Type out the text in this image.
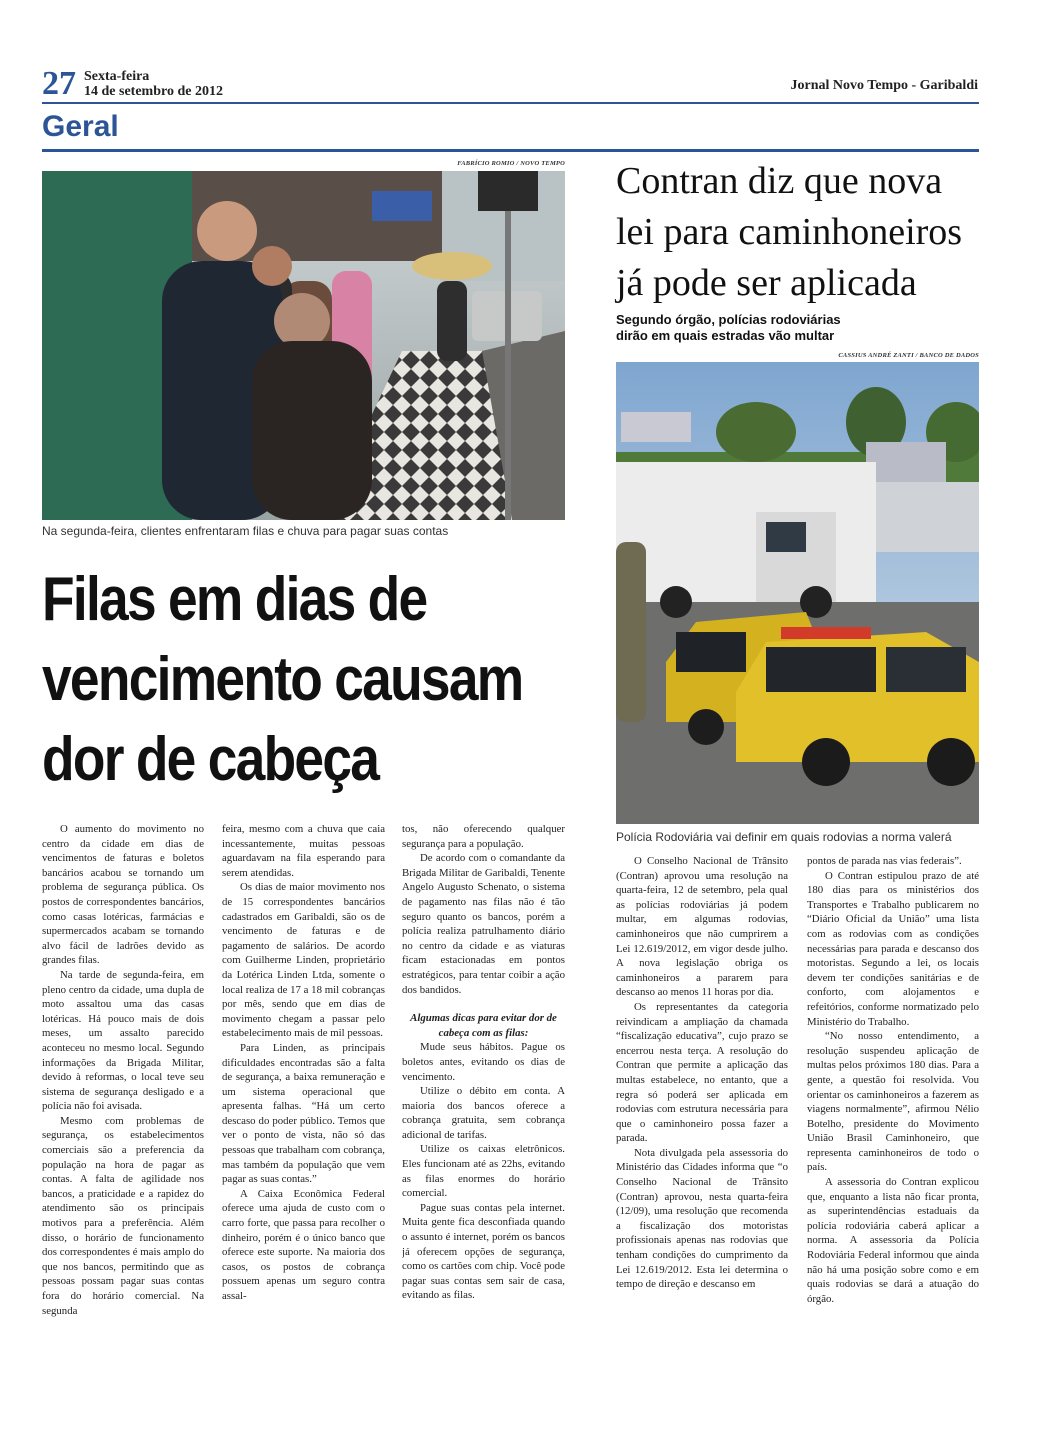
27 Sexta-feira
14 de setembro de 2012	Jornal Novo Tempo - Garibaldi
Geral
FABRÍCIO ROMIO / NOVO TEMPO
Na segunda-feira, clientes enfrentaram filas e chuva para pagar suas contas
Filas em dias de
vencimento causam
dor de cabeça

O aumento do movimento no centro da cidade em dias de vencimentos de faturas e boletos bancários acabou se tornando um problema de segurança pública. Os postos de correspondentes bancários, como casas lotéricas, farmácias e supermercados acabam se tornando alvo fácil de ladrões devido as grandes filas.

Na tarde de segunda-feira, em pleno centro da cidade, uma dupla de moto assaltou uma das casas lotéricas. Há pouco mais de dois meses, um assalto parecido aconteceu no mesmo local. Segundo informações da Brigada Militar, devido à reformas, o local teve seu sistema de segurança desligado e a polícia não foi avisada.

Mesmo com problemas de segurança, os estabelecimentos comerciais são a preferencia da população na hora de pagar as contas. A falta de agilidade nos bancos, a praticidade e a rapidez do atendimento são os principais motivos para a preferência. Além disso, o horário de funcionamento dos correspondentes é mais amplo do que nos bancos, permitindo que as pessoas possam pagar suas contas fora do horário comercial. Na segunda

feira, mesmo com a chuva que caia incessantemente, muitas pessoas aguardavam na fila esperando para serem atendidas.

Os dias de maior movimento nos de 15 correspondentes bancários cadastrados em Garibaldi, são os de vencimento de faturas e de pagamento de salários. De acordo com Guilherme Linden, proprietário da Lotérica Linden Ltda, somente o local realiza de 17 a 18 mil cobranças por mês, sendo que em dias de movimento chegam a passar pelo estabelecimento mais de mil pessoas.

Para Linden, as principais dificuldades encontradas são a falta de segurança, a baixa remuneração e um sistema operacional que apresenta falhas. “Há um certo descaso do poder público. Temos que ver o ponto de vista, não só das pessoas que trabalham com cobrança, mas também da população que vem pagar as suas contas.”

A Caixa Econômica Federal oferece uma ajuda de custo com o carro forte, que passa para recolher o dinheiro, porém é o único banco que oferece este suporte. Na maioria dos casos, os postos de cobrança possuem apenas um seguro contra assal-

tos, não oferecendo qualquer segurança para a população.

De acordo com o comandante da Brigada Militar de Garibaldi, Tenente Angelo Augusto Schenato, o sistema de pagamento nas filas não é tão seguro quanto os bancos, porém a polícia realiza patrulhamento diário no centro da cidade e as viaturas ficam estacionadas em pontos estratégicos, para tentar coibir a ação dos bandidos.

Algumas dicas para evitar dor de cabeça com as filas:

Mude seus hábitos. Pague os boletos antes, evitando os dias de vencimento.

Utilize o débito em conta. A maioria dos bancos oferece a cobrança gratuita, sem cobrança adicional de tarifas.

Utilize os caixas eletrônicos. Eles funcionam até as 22hs, evitando as filas enormes do horário comercial.

Pague suas contas pela internet. Muita gente fica desconfiada quando o assunto é internet, porém os bancos já oferecem opções de segurança, como os cartões com chip. Você pode pagar suas contas sem sair de casa, evitando as filas.

Contran diz que nova
lei para caminhoneiros
já pode ser aplicada
Segundo órgão, polícias rodoviárias
dirão em quais estradas vão multar
CASSIUS ANDRÉ ZANTI / BANCO DE DADOS
Polícia Rodoviária vai definir em quais rodovias a norma valerá

O Conselho Nacional de Trânsito (Contran) aprovou uma resolução na quarta-feira, 12 de setembro, pela qual as polícias rodoviárias já podem multar, em algumas rodovias, caminhoneiros que não cumprirem a Lei 12.619/2012, em vigor desde julho. A nova legislação obriga os caminhoneiros a pararem para descanso ao menos 11 horas por dia.

Os representantes da categoria reivindicam a ampliação da chamada “fiscalização educativa”, cujo prazo se encerrou nesta terça. A resolução do Contran que permite a aplicação das multas estabelece, no entanto, que a regra só poderá ser aplicada em rodovias com estrutura necessária para que o caminhoneiro possa fazer a parada.

Nota divulgada pela assessoria do Ministério das Cidades informa que “o Conselho Nacional de Trânsito (Contran) aprovou, nesta quarta-feira (12/09), uma resolução que recomenda a fiscalização dos motoristas profissionais apenas nas rodovias que tenham condições do cumprimento da Lei 12.619/2012. Esta lei determina o tempo de direção e descanso em

pontos de parada nas vias federais”.

O Contran estipulou prazo de até 180 dias para os ministérios dos Transportes e Trabalho publicarem no “Diário Oficial da União” uma lista com as rodovias com as condições necessárias para parada e descanso dos motoristas. Segundo a lei, os locais devem ter condições sanitárias e de conforto, com alojamentos e refeitórios, conforme normatizado pelo Ministério do Trabalho.

“No nosso entendimento, a resolução suspendeu aplicação de multas pelos próximos 180 dias. Para a gente, a questão foi resolvida. Vou orientar os caminhoneiros a fazerem as viagens normalmente”, afirmou Nélio Botelho, presidente do Movimento União Brasil Caminhoneiro, que representa caminhoneiros de todo o país.

A assessoria do Contran explicou que, enquanto a lista não ficar pronta, as superintendências estaduais da polícia rodoviária caberá aplicar a norma. A assessoria da Polícia Rodoviária Federal informou que ainda não há uma posição sobre como e em quais rodovias se dará a atuação do órgão.
